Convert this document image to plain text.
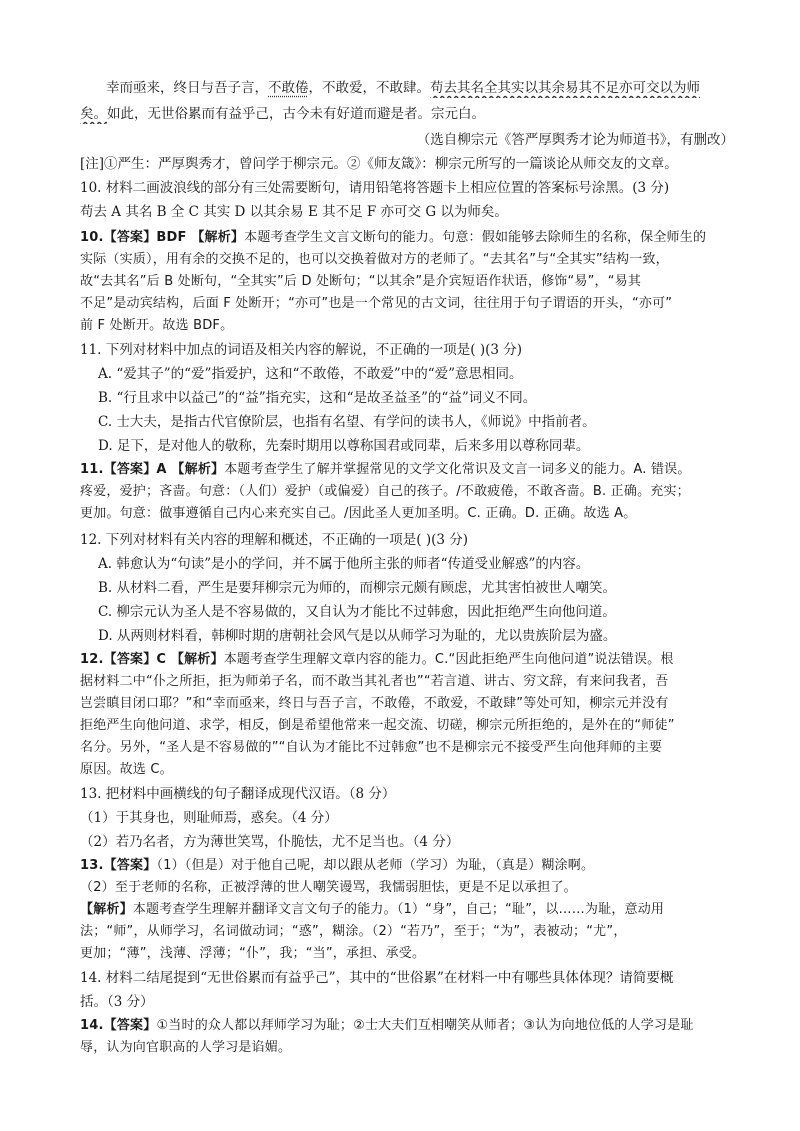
幸而亟来，终日与吾子言，不敢倦，不敢爱，不敢肆。苟去其名全其实以其余易其不足亦可交以为师
矣。如此，无世俗累而有益乎己，古今未有好道而避是者。宗元白。
（选自柳宗元《答严厚舆秀才论为师道书》，有删改）
[注]①严生：严厚舆秀才，曾问学于柳宗元。②《师友箴》：柳宗元所写的一篇谈论从师交友的文章。
10. 材料二画波浪线的部分有三处需要断句，请用铅笔将答题卡上相应位置的答案标号涂黑。(3 分)
苟去 A 其名 B 全 C 其实 D 以其余易 E 其不足 F 亦可交 G 以为师矣。
10.【答案】BDF 【解析】本题考查学生文言文断句的能力。句意：假如能够去除师生的名称，保全师生的
实际（实质），用有余的交换不足的，也可以交换着做对方的老师了。“去其名”与“全其实”结构一致，
故“去其名”后 B 处断句，“全其实”后 D 处断句；“以其余”是介宾短语作状语，修饰“易”，“易其
不足”是动宾结构，后面 F 处断开；“亦可”也是一个常见的古文词，往往用于句子谓语的开头，“亦可”
前 F 处断开。故选 BDF。
11. 下列对材料中加点的词语及相关内容的解说，不正确的一项是( )(3 分)
A. “爱其子”的“爱”指爱护，这和“不敢倦，不敢爱”中的“爱”意思相同。
B. “行且求中以益己”的“益”指充实，这和“是故圣益圣”的“益”词义不同。
C. 士大夫，是指古代官僚阶层，也指有名望、有学问的读书人，《师说》中指前者。
D. 足下，是对他人的敬称，先秦时期用以尊称国君或同辈，后来多用以尊称同辈。
11.【答案】A 【解析】本题考查学生了解并掌握常见的文学文化常识及文言一词多义的能力。A. 错误。
疼爱，爱护；吝啬。句意：（人们）爱护（或偏爱）自己的孩子。/不敢疲倦，不敢吝啬。B. 正确。充实；
更加。句意：做事遵循自己内心来充实自己。/因此圣人更加圣明。C. 正确。D. 正确。故选 A。
12. 下列对材料有关内容的理解和概述，不正确的一项是( )(3 分)
A. 韩愈认为“句读”是小的学问，并不属于他所主张的师者“传道受业解惑”的内容。
B. 从材料二看，严生是要拜柳宗元为师的，而柳宗元颇有顾虑，尤其害怕被世人嘲笑。
C. 柳宗元认为圣人是不容易做的，又自认为才能比不过韩愈，因此拒绝严生向他问道。
D. 从两则材料看，韩柳时期的唐朝社会风气是以从师学习为耻的，尤以贵族阶层为盛。
12.【答案】C 【解析】本题考查学生理解文章内容的能力。C.“因此拒绝严生向他问道”说法错误。根
据材料二中“仆之所拒，拒为师弟子名，而不敢当其礼者也”“若言道、讲古、穷文辞，有来问我者，吾
岂尝瞋目闭口耶？”和“幸而亟来，终日与吾子言，不敢倦，不敢爱，不敢肆”等处可知，柳宗元并没有
拒绝严生向他问道、求学，相反，倒是希望他常来一起交流、切磋，柳宗元所拒绝的，是外在的“师徒”
名分。另外，“圣人是不容易做的”“自认为才能比不过韩愈”也不是柳宗元不接受严生向他拜师的主要
原因。故选 C。
13. 把材料中画横线的句子翻译成现代汉语。（8 分）
（1）于其身也，则耻师焉，惑矣。（4 分）
（2）若乃名者，方为薄世笑骂，仆脆怯，尤不足当也。（4 分）
13.【答案】（1）（但是）对于他自己呢，却以跟从老师（学习）为耻，（真是）糊涂啊。
（2）至于老师的名称，正被浮薄的世人嘲笑谩骂，我懦弱胆怯，更是不足以承担了。
【解析】本题考查学生理解并翻译文言文句子的能力。（1）“身”，自己；“耻”，以……为耻，意动用
法；“师”，从师学习，名词做动词；“惑”，糊涂。（2）“若乃”，至于；“为”，表被动；“尤”，
更加；“薄”，浅薄、浮薄；“仆”，我；“当”，承担、承受。
14. 材料二结尾提到“无世俗累而有益乎己”，其中的“世俗累”在材料一中有哪些具体体现？请简要概
括。（3 分）
14.【答案】①当时的众人都以拜师学习为耻；②士大夫们互相嘲笑从师者；③认为向地位低的人学习是耻
辱，认为向官职高的人学习是谄媚。
